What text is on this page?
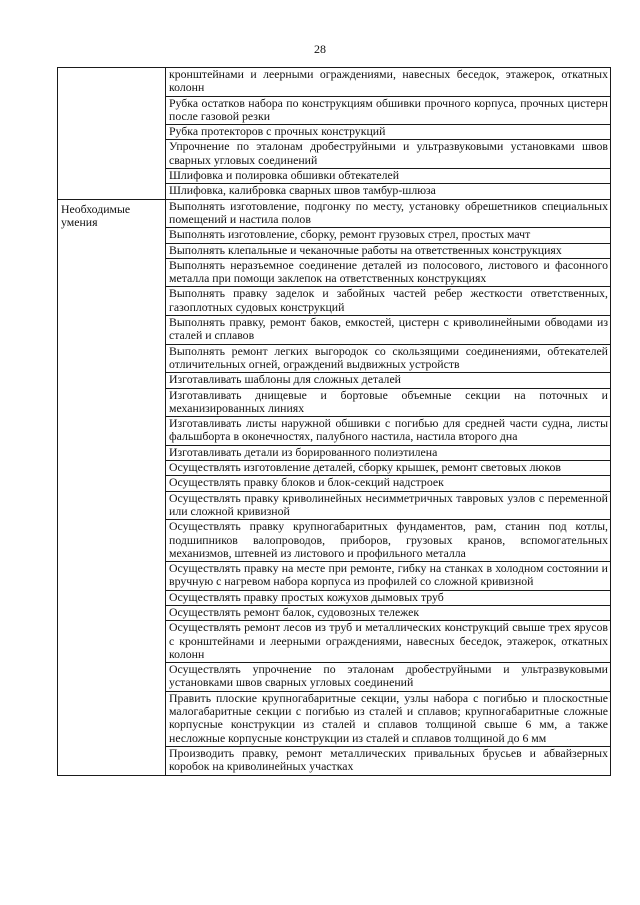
28
	кронштейнами и леерными ограждениями, навесных беседок, этажерок, откатных колонн
	Рубка остатков набора по конструкциям обшивки прочного корпуса, прочных цистерн после газовой резки
	Рубка протекторов с прочных конструкций
	Упрочнение по эталонам дробеструйными и ультразвуковыми установками швов сварных угловых соединений
	Шлифовка и полировка обшивки обтекателей
	Шлифовка, калибровка сварных швов тамбур-шлюза
Необходимые умения	Выполнять изготовление, подгонку по месту, установку обрешетников специальных помещений и настила полов
	Выполнять изготовление, сборку, ремонт грузовых стрел, простых мачт
	Выполнять клепальные и чеканочные работы на ответственных конструкциях
	Выполнять неразъемное соединение деталей из полосового, листового и фасонного металла при помощи заклепок на ответственных конструкциях
	Выполнять правку заделок и забойных частей ребер жесткости ответственных, газоплотных судовых конструкций
	Выполнять правку, ремонт баков, емкостей, цистерн с криволинейными обводами из сталей и сплавов
	Выполнять ремонт легких выгородок со скользящими соединениями, обтекателей отличительных огней, ограждений выдвижных устройств
	Изготавливать шаблоны для сложных деталей
	Изготавливать днищевые и бортовые объемные секции на поточных и механизированных линиях
	Изготавливать листы наружной обшивки с погибью для средней части судна, листы фальшборта в оконечностях, палубного настила, настила второго дна
	Изготавливать детали из борированного полиэтилена
	Осуществлять изготовление деталей, сборку крышек, ремонт световых люков
	Осуществлять правку блоков и блок-секций надстроек
	Осуществлять правку криволинейных несимметричных тавровых узлов с переменной или сложной кривизной
	Осуществлять правку крупногабаритных фундаментов, рам, станин под котлы, подшипников валопроводов, приборов, грузовых кранов, вспомогательных механизмов, штевней из листового и профильного металла
	Осуществлять правку на месте при ремонте, гибку на станках в холодном состоянии и вручную с нагревом набора корпуса из профилей со сложной кривизной
	Осуществлять правку простых кожухов дымовых труб
	Осуществлять ремонт балок, судовозных тележек
	Осуществлять ремонт лесов из труб и металлических конструкций свыше трех ярусов с кронштейнами и леерными ограждениями, навесных беседок, этажерок, откатных колонн
	Осуществлять упрочнение по эталонам дробеструйными и ультразвуковыми установками швов сварных угловых соединений
	Править плоские крупногабаритные секции, узлы набора с погибью и плоскостные малогабаритные секции с погибью из сталей и сплавов; крупногабаритные сложные корпусные конструкции из сталей и сплавов толщиной свыше 6 мм, а также несложные корпусные конструкции из сталей и сплавов толщиной до 6 мм
	Производить правку, ремонт металлических привальных брусьев и абвайзерных коробок на криволинейных участках
